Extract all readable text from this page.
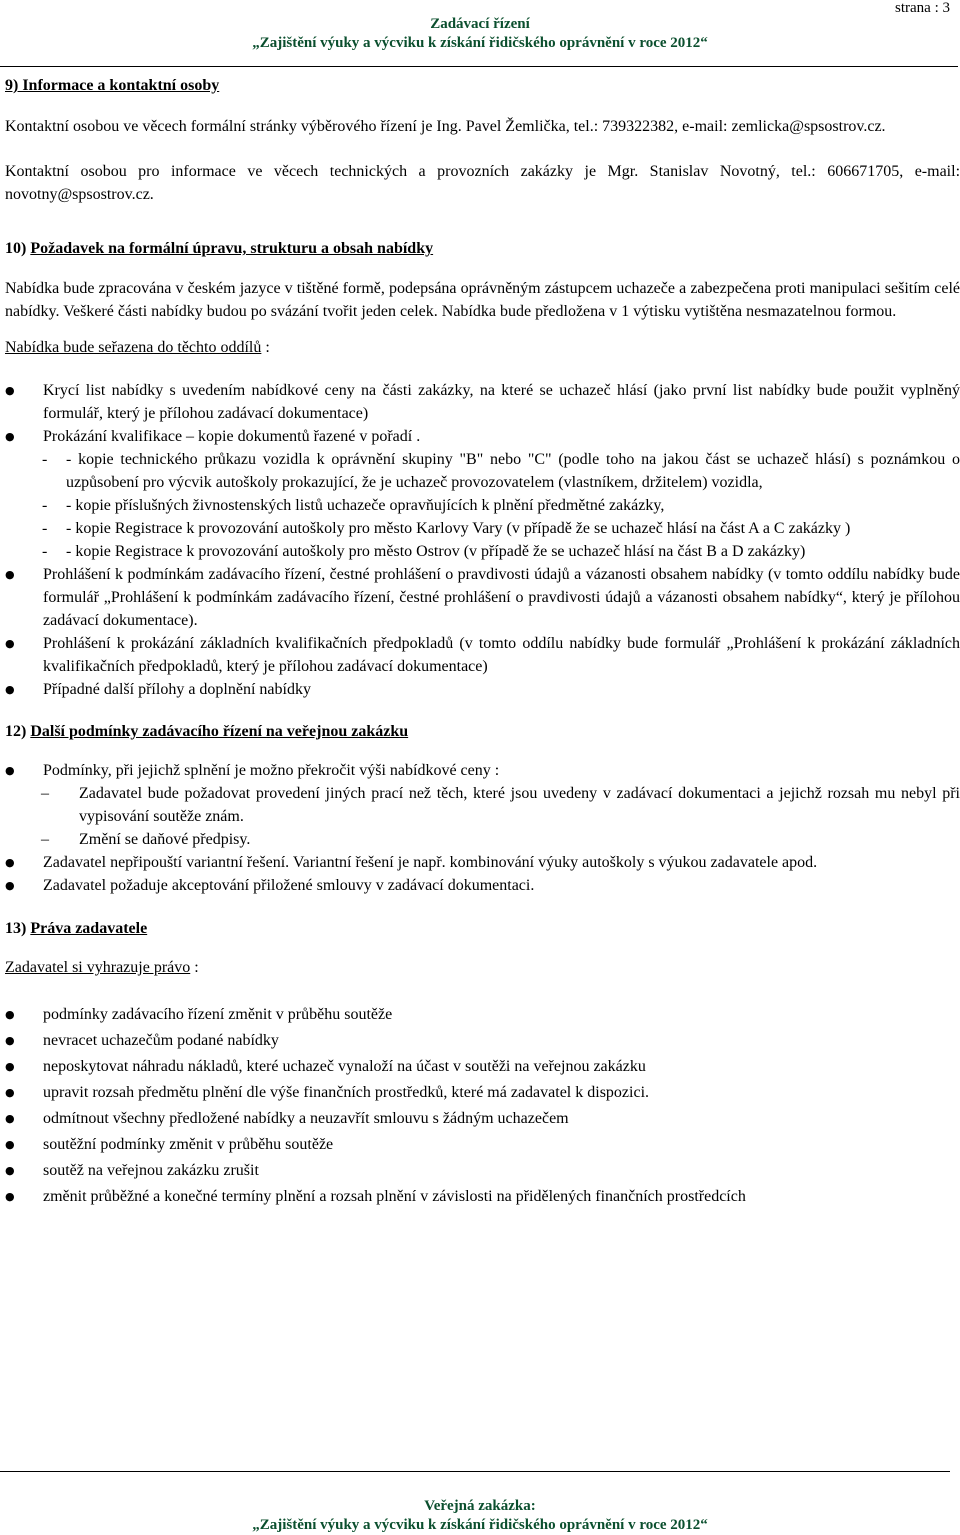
Zadávací řízení
„Zajištění výuky a výcviku k získání řidičského oprávnění v roce 2012“
strana : 3
9) Informace a kontaktní osoby
Kontaktní osobou ve věcech formální stránky výběrového řízení je Ing. Pavel Žemlička, tel.: 739322382, e-mail: zemlicka@spsostrov.cz.
Kontaktní osobou pro informace ve věcech technických a provozních zakázky je Mgr. Stanislav Novotný, tel.: 606671705, e-mail: novotny@spsostrov.cz.
10) Požadavek na formální úpravu, strukturu a obsah nabídky
Nabídka bude zpracována v českém jazyce v tištěné formě, podepsána oprávněným zástupcem uchazeče a zabezpečena proti manipulaci sešitím celé nabídky. Veškeré části nabídky budou po svázání tvořit jeden celek. Nabídka bude předložena v 1 výtisku vytištěna nesmazatelnou formou.
Nabídka bude seřazena do těchto oddílů :
● Krycí list nabídky s uvedením nabídkové ceny na části zakázky, na které se uchazeč hlásí (jako první list nabídky bude použit vyplněný formulář, který je přílohou zadávací dokumentace)
● Prokázání kvalifikace – kopie dokumentů řazené v pořadí .
- - kopie technického průkazu vozidla k oprávnění skupiny "B" nebo "C" (podle toho na jakou část se uchazeč hlásí) s poznámkou o uzpůsobení pro výcvik autoškoly prokazující, že je uchazeč provozovatelem (vlastníkem, držitelem) vozidla,
- - kopie příslušných živnostenských listů uchazeče opravňujících k plnění předmětné zakázky,
- - kopie Registrace k provozování autoškoly pro město Karlovy Vary (v případě že se uchazeč hlásí na část A a C zakázky )
- - kopie Registrace k provozování autoškoly pro město Ostrov (v případě že se uchazeč hlásí na část B a D zakázky)
● Prohlášení k podmínkám zadávacího řízení, čestné prohlášení o pravdivosti údajů a vázanosti obsahem nabídky (v tomto oddílu nabídky bude formulář „Prohlášení k podmínkám zadávacího řízení, čestné prohlášení o pravdivosti údajů a vázanosti obsahem nabídky“, který je přílohou zadávací dokumentace).
● Prohlášení k prokázání základních kvalifikačních předpokladů (v tomto oddílu nabídky bude formulář „Prohlášení k prokázání základních kvalifikačních předpokladů, který je přílohou zadávací dokumentace)
● Případné další přílohy a doplnění nabídky
12) Další podmínky zadávacího řízení na veřejnou zakázku
● Podmínky, při jejichž splnění je možno překročit výši nabídkové ceny :
– Zadavatel bude požadovat provedení jiných prací než těch, které jsou uvedeny v zadávací dokumentaci a jejichž rozsah mu nebyl při vypisování soutěže znám.
– Změní se daňové předpisy.
● Zadavatel nepřipouští variantní řešení. Variantní řešení je např. kombinování výuky autoškoly s výukou zadavatele apod.
● Zadavatel požaduje akceptování přiložené smlouvy v zadávací dokumentaci.
13) Práva zadavatele
Zadavatel si vyhrazuje právo :
● podmínky zadávacího řízení změnit v průběhu soutěže
● nevracet uchazečům podané nabídky
● neposkytovat náhradu nákladů, které uchazeč vynaloží na účast v soutěži na veřejnou zakázku
● upravit rozsah předmětu plnění dle výše finančních prostředků, které má zadavatel k dispozici.
● odmítnout všechny předložené nabídky a neuzavřít smlouvu s žádným uchazečem
● soutěžní podmínky změnit v průběhu soutěže
● soutěž na veřejnou zakázku zrušit
● změnit průběžné a konečné termíny plnění a rozsah plnění v závislosti na přidělených finančních prostředcích
Veřejná zakázka:
„Zajištění výuky a výcviku k získání řidičského oprávnění v roce 2012“
